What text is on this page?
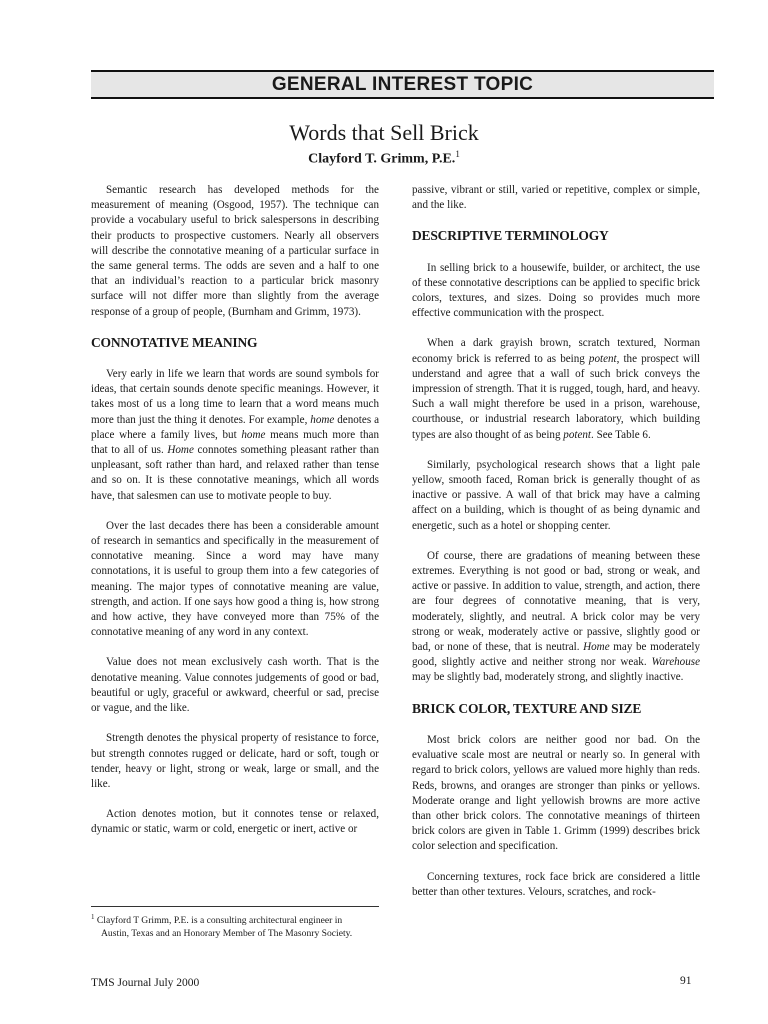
GENERAL INTEREST TOPIC
Words that Sell Brick
Clayford T. Grimm, P.E.$^1$

Semantic research has developed methods for the measurement of meaning (Osgood, 1957). The technique can provide a vocabulary useful to brick salespersons in describing their products to prospective customers. Nearly all observers will describe the connotative meaning of a particular surface in the same general terms. The odds are seven and a half to one that an individual’s reaction to a particular brick masonry surface will not differ more than slightly from the average response of a group of people, (Burnham and Grimm, 1973).

CONNOTATIVE MEANING

Very early in life we learn that words are sound symbols for ideas, that certain sounds denote specific meanings. However, it takes most of us a long time to learn that a word means much more than just the thing it denotes. For example, home denotes a place where a family lives, but home means much more than that to all of us. Home connotes something pleasant rather than unpleasant, soft rather than hard, and relaxed rather than tense and so on. It is these connotative meanings, which all words have, that salesmen can use to motivate people to buy.

Over the last decades there has been a considerable amount of research in semantics and specifically in the measurement of connotative meaning. Since a word may have many connotations, it is useful to group them into a few categories of meaning. The major types of connotative meaning are value, strength, and action. If one says how good a thing is, how strong and how active, they have conveyed more than 75% of the connotative meaning of any word in any context.

Value does not mean exclusively cash worth. That is the denotative meaning. Value connotes judgements of good or bad, beautiful or ugly, graceful or awkward, cheerful or sad, precise or vague, and the like.

Strength denotes the physical property of resistance to force, but strength connotes rugged or delicate, hard or soft, tough or tender, heavy or light, strong or weak, large or small, and the like.

Action denotes motion, but it connotes tense or relaxed, dynamic or static, warm or cold, energetic or inert, active or

passive, vibrant or still, varied or repetitive, complex or simple, and the like.

DESCRIPTIVE TERMINOLOGY

In selling brick to a housewife, builder, or architect, the use of these connotative descriptions can be applied to specific brick colors, textures, and sizes. Doing so provides much more effective communication with the prospect.

When a dark grayish brown, scratch textured, Norman economy brick is referred to as being potent, the prospect will understand and agree that a wall of such brick conveys the impression of strength. That it is rugged, tough, hard, and heavy. Such a wall might therefore be used in a prison, warehouse, courthouse, or industrial research laboratory, which building types are also thought of as being potent. See Table 6.

Similarly, psychological research shows that a light pale yellow, smooth faced, Roman brick is generally thought of as inactive or passive. A wall of that brick may have a calming affect on a building, which is thought of as being dynamic and energetic, such as a hotel or shopping center.

Of course, there are gradations of meaning between these extremes. Everything is not good or bad, strong or weak, and active or passive. In addition to value, strength, and action, there are four degrees of connotative meaning, that is very, moderately, slightly, and neutral. A brick color may be very strong or weak, moderately active or passive, slightly good or bad, or none of these, that is neutral. Home may be moderately good, slightly active and neither strong nor weak. Warehouse may be slightly bad, moderately strong, and slightly inactive.

BRICK COLOR, TEXTURE AND SIZE

Most brick colors are neither good nor bad. On the evaluative scale most are neutral or nearly so. In general with regard to brick colors, yellows are valued more highly than reds. Reds, browns, and oranges are stronger than pinks or yellows. Moderate orange and light yellowish browns are more active than other brick colors. The connotative meanings of thirteen brick colors are given in Table 1. Grimm (1999) describes brick color selection and specification.

Concerning textures, rock face brick are considered a little better than other textures. Velours, scratches, and rock-

$^1$ Clayford T Grimm, P.E. is a consulting architectural engineer in
Austin, Texas and an Honorary Member of The Masonry Society.
TMS Journal July 2000	91
